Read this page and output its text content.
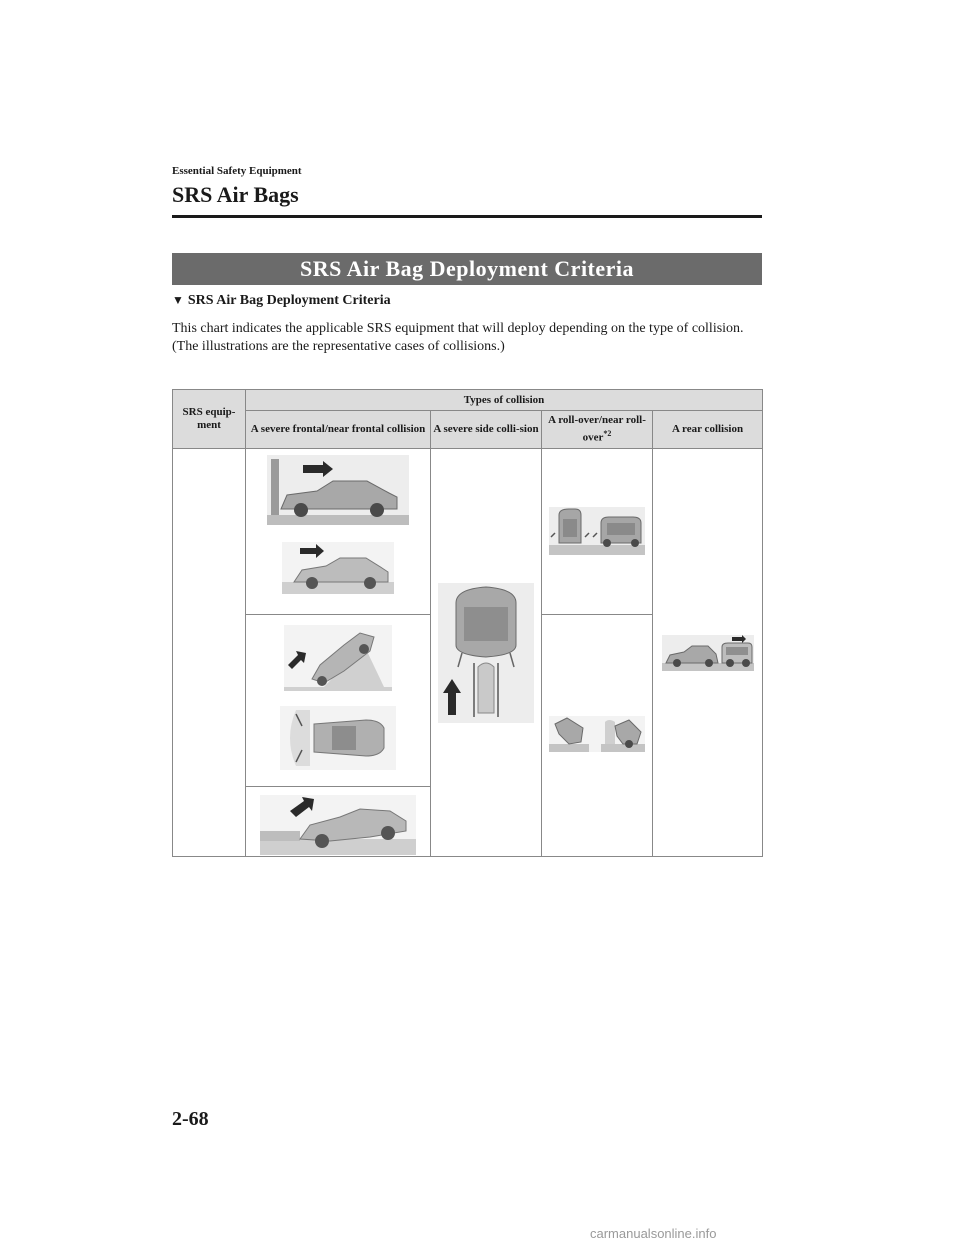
Essential Safety Equipment
SRS Air Bags
SRS Air Bag Deployment Criteria
▼ SRS Air Bag Deployment Criteria

This chart indicates the applicable SRS equipment that will deploy depending on the type of collision.

(The illustrations are the representative cases of collisions.)

SRS equip-ment	Types of collision			
	A severe frontal/near frontal collision	A severe side colli-sion	A roll-over/near roll-over$^{*2}$	A rear collision

2-68
carmanualsonline.info
